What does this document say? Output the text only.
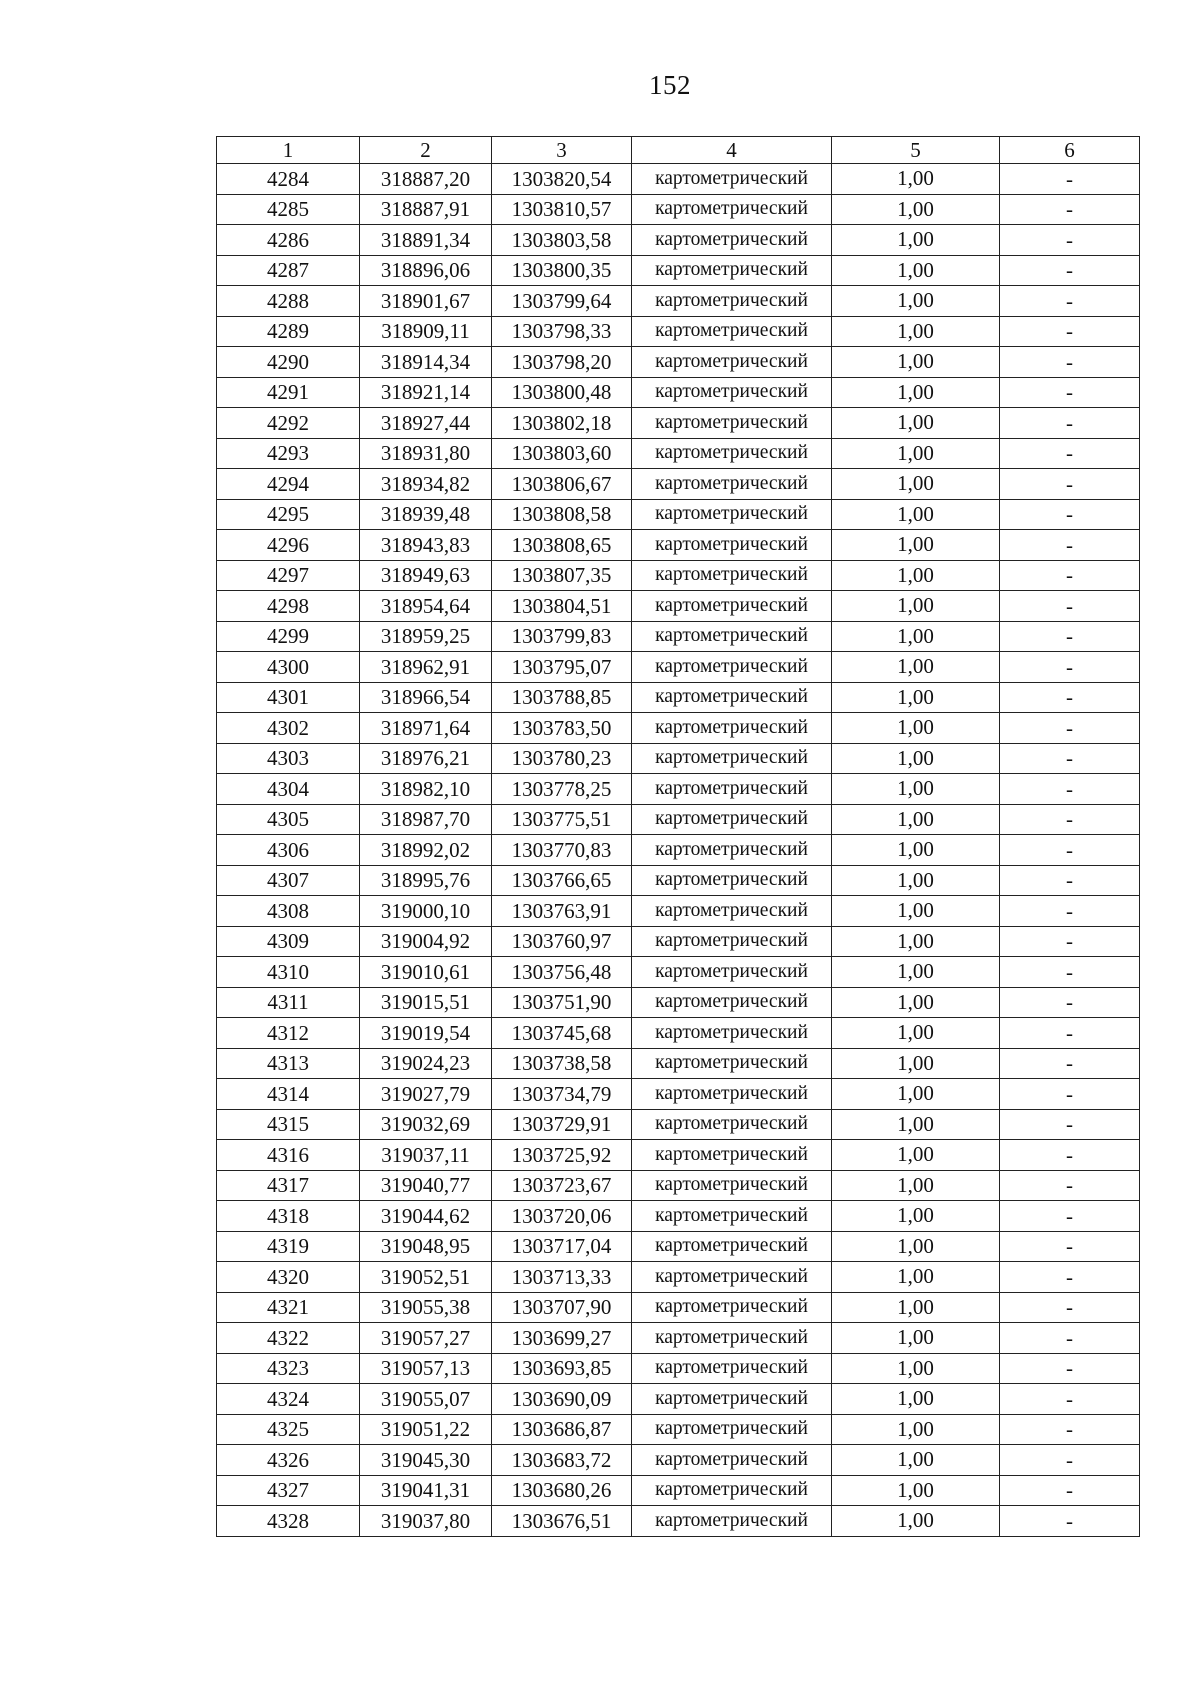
152
1	2	3	4	5	6
4284	318887,20	1303820,54	картометрический	1,00	-
4285	318887,91	1303810,57	картометрический	1,00	-
4286	318891,34	1303803,58	картометрический	1,00	-
4287	318896,06	1303800,35	картометрический	1,00	-
4288	318901,67	1303799,64	картометрический	1,00	-
4289	318909,11	1303798,33	картометрический	1,00	-
4290	318914,34	1303798,20	картометрический	1,00	-
4291	318921,14	1303800,48	картометрический	1,00	-
4292	318927,44	1303802,18	картометрический	1,00	-
4293	318931,80	1303803,60	картометрический	1,00	-
4294	318934,82	1303806,67	картометрический	1,00	-
4295	318939,48	1303808,58	картометрический	1,00	-
4296	318943,83	1303808,65	картометрический	1,00	-
4297	318949,63	1303807,35	картометрический	1,00	-
4298	318954,64	1303804,51	картометрический	1,00	-
4299	318959,25	1303799,83	картометрический	1,00	-
4300	318962,91	1303795,07	картометрический	1,00	-
4301	318966,54	1303788,85	картометрический	1,00	-
4302	318971,64	1303783,50	картометрический	1,00	-
4303	318976,21	1303780,23	картометрический	1,00	-
4304	318982,10	1303778,25	картометрический	1,00	-
4305	318987,70	1303775,51	картометрический	1,00	-
4306	318992,02	1303770,83	картометрический	1,00	-
4307	318995,76	1303766,65	картометрический	1,00	-
4308	319000,10	1303763,91	картометрический	1,00	-
4309	319004,92	1303760,97	картометрический	1,00	-
4310	319010,61	1303756,48	картометрический	1,00	-
4311	319015,51	1303751,90	картометрический	1,00	-
4312	319019,54	1303745,68	картометрический	1,00	-
4313	319024,23	1303738,58	картометрический	1,00	-
4314	319027,79	1303734,79	картометрический	1,00	-
4315	319032,69	1303729,91	картометрический	1,00	-
4316	319037,11	1303725,92	картометрический	1,00	-
4317	319040,77	1303723,67	картометрический	1,00	-
4318	319044,62	1303720,06	картометрический	1,00	-
4319	319048,95	1303717,04	картометрический	1,00	-
4320	319052,51	1303713,33	картометрический	1,00	-
4321	319055,38	1303707,90	картометрический	1,00	-
4322	319057,27	1303699,27	картометрический	1,00	-
4323	319057,13	1303693,85	картометрический	1,00	-
4324	319055,07	1303690,09	картометрический	1,00	-
4325	319051,22	1303686,87	картометрический	1,00	-
4326	319045,30	1303683,72	картометрический	1,00	-
4327	319041,31	1303680,26	картометрический	1,00	-
4328	319037,80	1303676,51	картометрический	1,00	-
